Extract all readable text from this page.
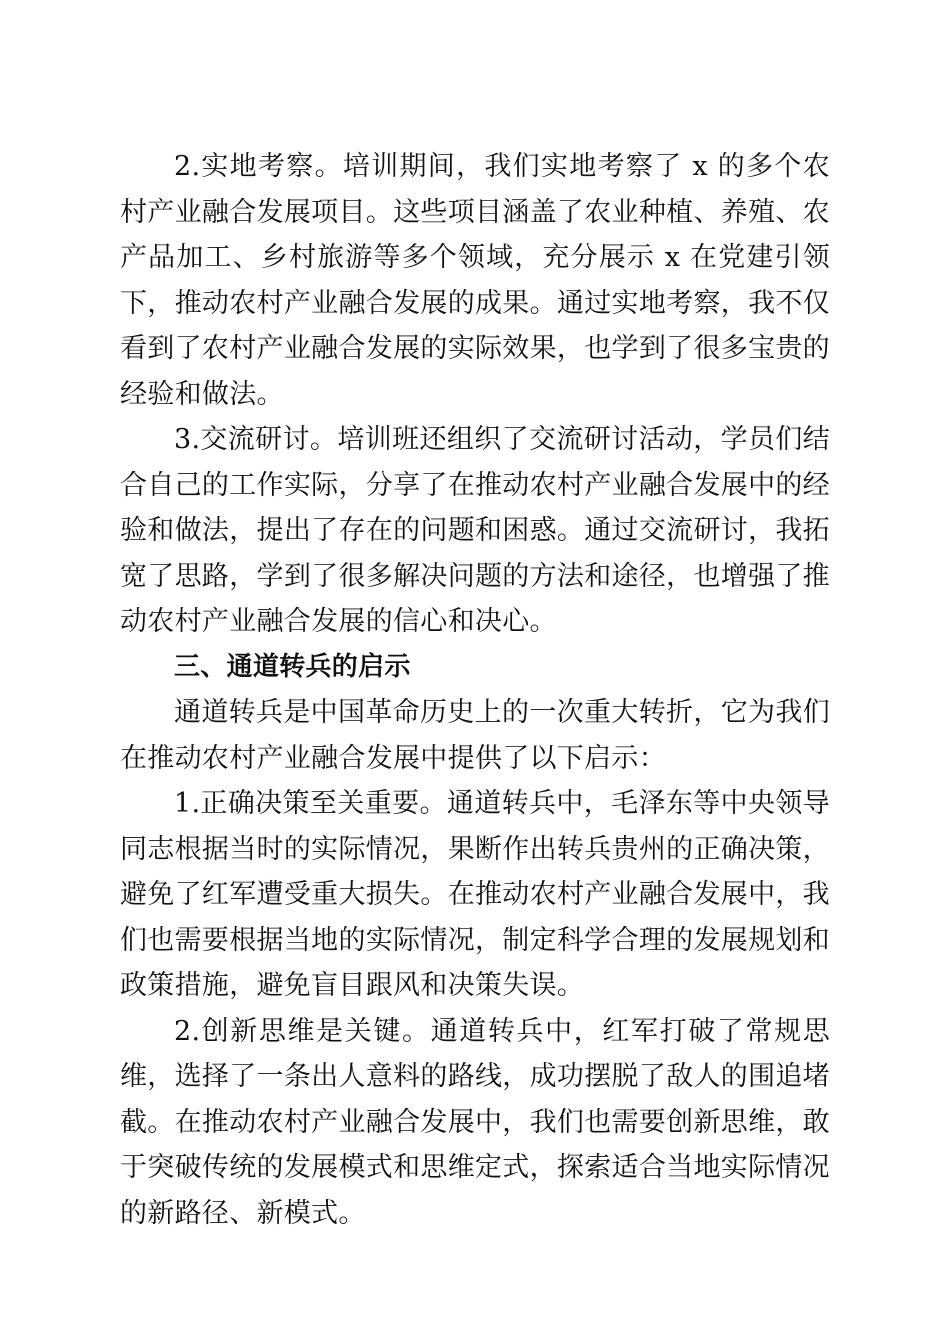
2.实地考察。培训期间，我们实地考察了 x 的多个农村产业融合发展项目。这些项目涵盖了农业种植、养殖、农产品加工、乡村旅游等多个领域，充分展示 x 在党建引领下，推动农村产业融合发展的成果。通过实地考察，我不仅看到了农村产业融合发展的实际效果，也学到了很多宝贵的经验和做法。

3.交流研讨。培训班还组织了交流研讨活动，学员们结合自己的工作实际，分享了在推动农村产业融合发展中的经验和做法，提出了存在的问题和困惑。通过交流研讨，我拓宽了思路，学到了很多解决问题的方法和途径，也增强了推动农村产业融合发展的信心和决心。

三、通道转兵的启示

通道转兵是中国革命历史上的一次重大转折，它为我们在推动农村产业融合发展中提供了以下启示：

1.正确决策至关重要。通道转兵中，毛泽东等中央领导同志根据当时的实际情况，果断作出转兵贵州的正确决策，避免了红军遭受重大损失。在推动农村产业融合发展中，我们也需要根据当地的实际情况，制定科学合理的发展规划和政策措施，避免盲目跟风和决策失误。

2.创新思维是关键。通道转兵中，红军打破了常规思维，选择了一条出人意料的路线，成功摆脱了敌人的围追堵截。在推动农村产业融合发展中，我们也需要创新思维，敢于突破传统的发展模式和思维定式，探索适合当地实际情况的新路径、新模式。
